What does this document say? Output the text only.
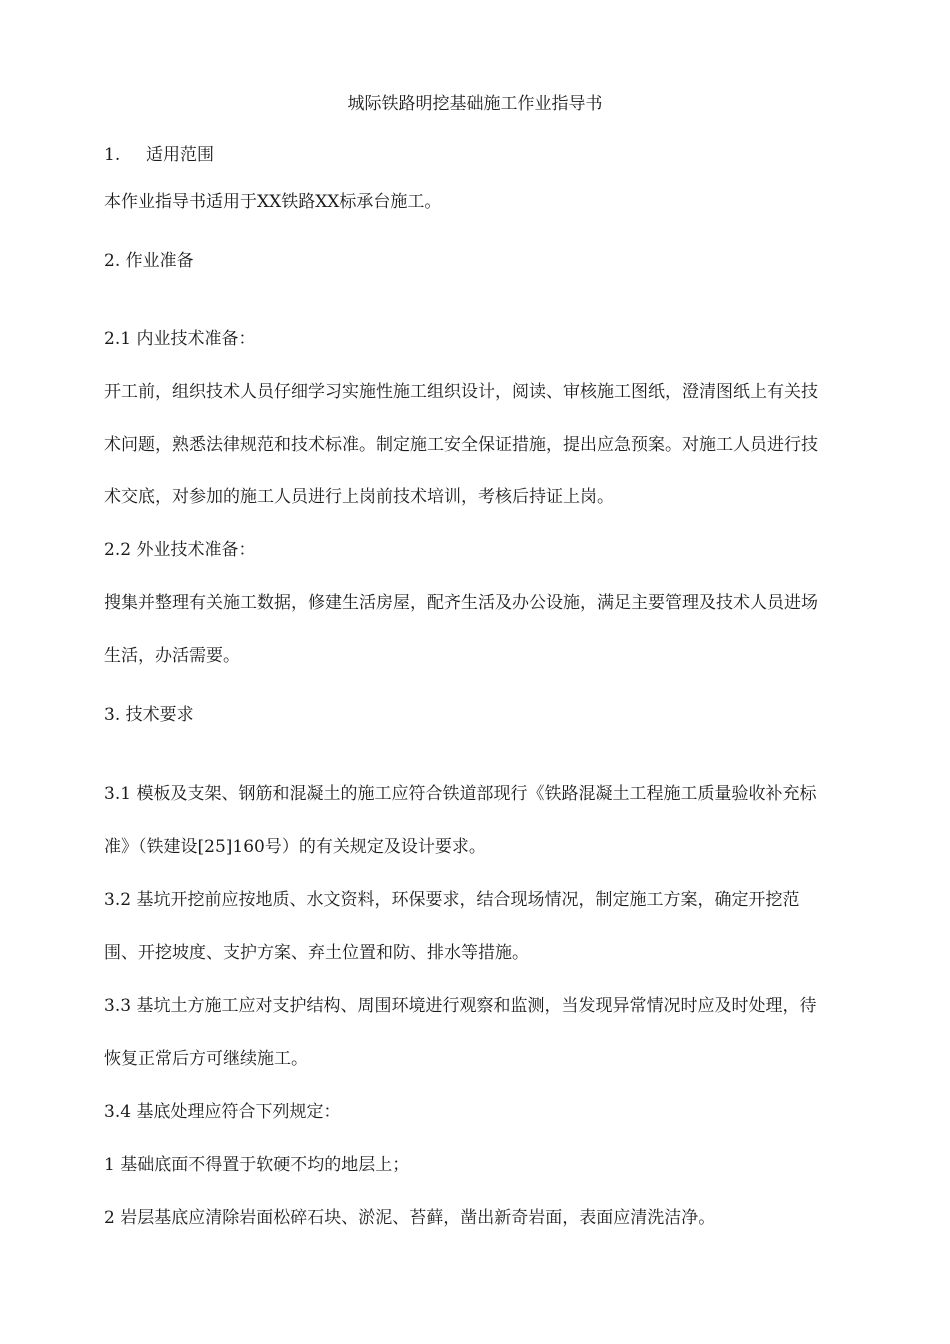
城际铁路明挖基础施工作业指导书
1. 适用范围
本作业指导书适用于XX铁路XX标承台施工。
2. 作业准备
2.1 内业技术准备：
开工前，组织技术人员仔细学习实施性施工组织设计，阅读、审核施工图纸，澄清图纸上有关技
术问题，熟悉法律规范和技术标准。制定施工安全保证措施，提出应急预案。对施工人员进行技
术交底，对参加的施工人员进行上岗前技术培训，考核后持证上岗。
2.2 外业技术准备：
搜集并整理有关施工数据，修建生活房屋，配齐生活及办公设施，满足主要管理及技术人员进场
生活，办活需要。
3. 技术要求
3.1 模板及支架、钢筋和混凝土的施工应符合铁道部现行《铁路混凝土工程施工质量验收补充标
准》（铁建设[25]160号）的有关规定及设计要求。
3.2 基坑开挖前应按地质、水文资料，环保要求，结合现场情况，制定施工方案，确定开挖范
围、开挖坡度、支护方案、弃土位置和防、排水等措施。
3.3 基坑土方施工应对支护结构、周围环境进行观察和监测，当发现异常情况时应及时处理，待
恢复正常后方可继续施工。
3.4 基底处理应符合下列规定：
1 基础底面不得置于软硬不均的地层上；
2 岩层基底应清除岩面松碎石块、淤泥、苔藓，凿出新奇岩面，表面应清洗洁净。
